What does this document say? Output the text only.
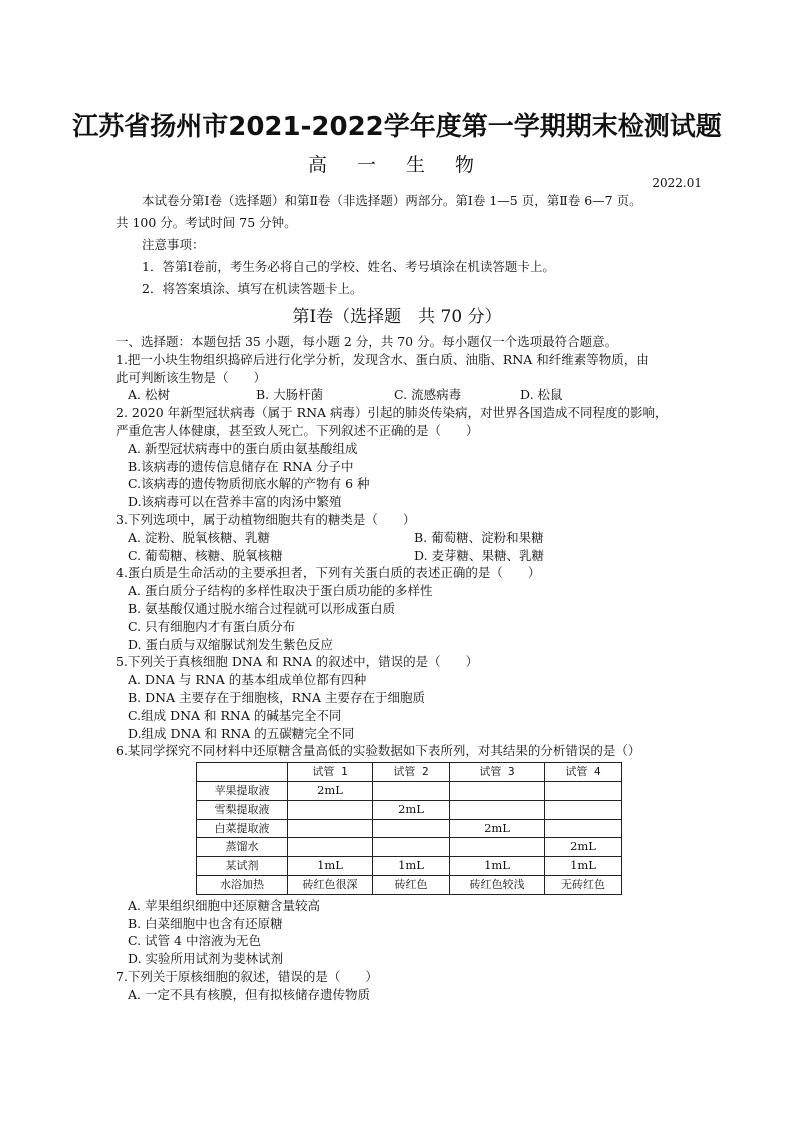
江苏省扬州市2021-2022学年度第一学期期末检测试题
高 一 生 物
2022.01

本试卷分第Ⅰ卷（选择题）和第Ⅱ卷（非选择题）两部分。第Ⅰ卷 1—5 页，第Ⅱ卷 6—7 页。

共 100 分。考试时间 75 分钟。

注意事项：

1．答第Ⅰ卷前，考生务必将自己的学校、姓名、考号填涂在机读答题卡上。

2．将答案填涂、填写在机读答题卡上。

第Ⅰ卷（选择题　共 70 分）

一、选择题：本题包括 35 小题，每小题 2 分，共 70 分。每小题仅一个选项最符合题意。

1.把一小块生物组织捣碎后进行化学分析，发现含水、蛋白质、油脂、RNA 和纤维素等物质，由

此可判断该生物是（　　）

A. 松树	B. 大肠杆菌	C. 流感病毒	D. 松鼠

2. 2020 年新型冠状病毒（属于 RNA 病毒）引起的肺炎传染病，对世界各国造成不同程度的影响，

严重危害人体健康，甚至致人死亡。下列叙述不正确的是（　　）

A. 新型冠状病毒中的蛋白质由氨基酸组成

B.该病毒的遗传信息储存在 RNA 分子中

C.该病毒的遗传物质彻底水解的产物有 6 种

D.该病毒可以在营养丰富的肉汤中繁殖

3.下列选项中，属于动植物细胞共有的糖类是（　　）

A. 淀粉、脱氧核糖、乳糖	B. 葡萄糖、淀粉和果糖
C. 葡萄糖、核糖、脱氧核糖	D. 麦芽糖、果糖、乳糖

4.蛋白质是生命活动的主要承担者，下列有关蛋白质的表述正确的是（　　）

A. 蛋白质分子结构的多样性取决于蛋白质功能的多样性

B. 氨基酸仅通过脱水缩合过程就可以形成蛋白质

C. 只有细胞内才有蛋白质分布

D. 蛋白质与双缩脲试剂发生紫色反应

5.下列关于真核细胞 DNA 和 RNA 的叙述中，错误的是（　　）

A. DNA 与 RNA 的基本组成单位都有四种

B. DNA 主要存在于细胞核，RNA 主要存在于细胞质

C.组成 DNA 和 RNA 的碱基完全不同

D.组成 DNA 和 RNA 的五碳糖完全不同

6.某同学探究不同材料中还原糖含量高低的实验数据如下表所列，对其结果的分析错误的是（）

	试管 1	试管 2	试管 3	试管 4
苹果提取液	2mL			
雪梨提取液		2mL		
白菜提取液			2mL	
蒸馏水				2mL
某试剂	1mL	1mL	1mL	1mL
水浴加热	砖红色很深	砖红色	砖红色较浅	无砖红色

A. 苹果组织细胞中还原糖含量较高

B. 白菜细胞中也含有还原糖

C. 试管 4 中溶液为无色

D. 实验所用试剂为斐林试剂

7.下列关于原核细胞的叙述，错误的是（　　）

A. 一定不具有核膜，但有拟核储存遗传物质
